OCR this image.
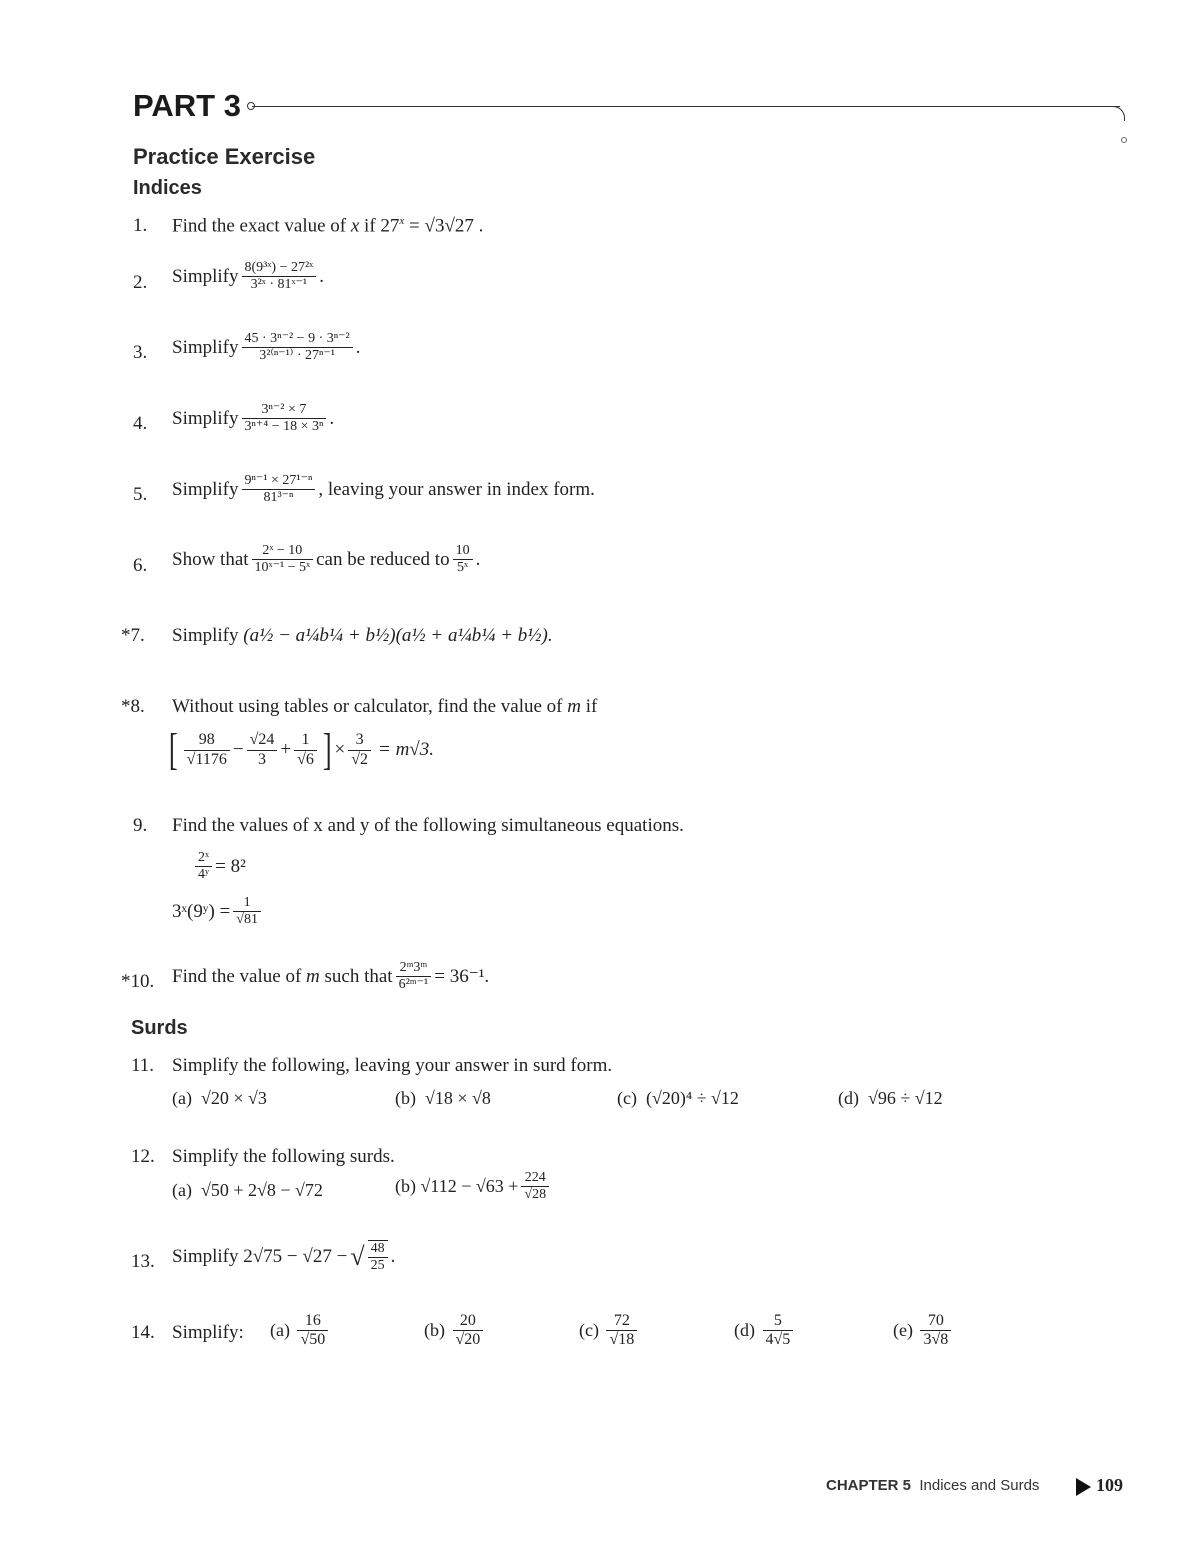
PART 3
Practice Exercise
Indices
1. Find the exact value of x if $27^x = √3√27$ .
2. Simplify $\frac{\text{8(9³ˣ) − 27²ˣ}}{\text{3²ˣ · 81ˣ⁻¹}}$ .
3. Simplify $\frac{\text{45 · 3ⁿ⁻² − 9 · 3ⁿ⁻²}}{\text{3²⁽ⁿ⁻¹⁾ · 27ⁿ⁻¹}}$ .
4. Simplify $\frac{\text{3ⁿ⁻² × 7}}{\text{3ⁿ⁺⁴ − 18 × 3ⁿ}}$ .
5. Simplify $\frac{\text{9ⁿ⁻¹ × 27¹⁻ⁿ}}{\text{81³⁻ⁿ}}$ , leaving your answer in index form.
6. Show that $\frac{\text{2ˣ − 10}}{\text{10ˣ⁻¹ − 5ˣ}}$ can be reduced to $\frac{10}{\text{5ˣ}}$ .
*7. Simplify (a½ − a¼b¼ + b½)(a½ + a¼b¼ + b½).
*8. Without using tables or calculator, find the value of m if
[ $\frac{98}{√1176} - \frac{√24}{3} + \frac{1}{√6}$ ] × $\frac{3}{√2} = m√3$.
9. Find the values of x and y of the following simultaneous equations.
$\frac{\text{2ˣ}}{\text{4ʸ}} = 8^2$
3ˣ(9ʸ) = $\frac{1}{√81}$
*10. Find the value of
m
such that $\frac{\text{2ᵐ3ᵐ}}{\text{6²ᵐ⁻¹}} = 36^{-1}$.
Surds
11. Simplify the following, leaving your answer in surd form.
(a) √20 × √3	(b) √18 × √8	(c) (√20)⁴ ÷ √12	(d) √96 ÷ √12
12. Simplify the following surds.
(a) √50 + 2√8 − √72	(b)
$√112 - √63 + \frac{224}{√28}$
13. Simplify 2√75 − √27 − √ $\frac{48}{25}$ .
14. Simplify: (a)
$\frac{16}{√50}$	(b)
$\frac{20}{√20}$	(c)
$\frac{72}{√18}$	(d)
$\frac{5}{4√5}$	(e)
$\frac{70}{3√8}$
CHAPTER 5 Indices and Surds	109
